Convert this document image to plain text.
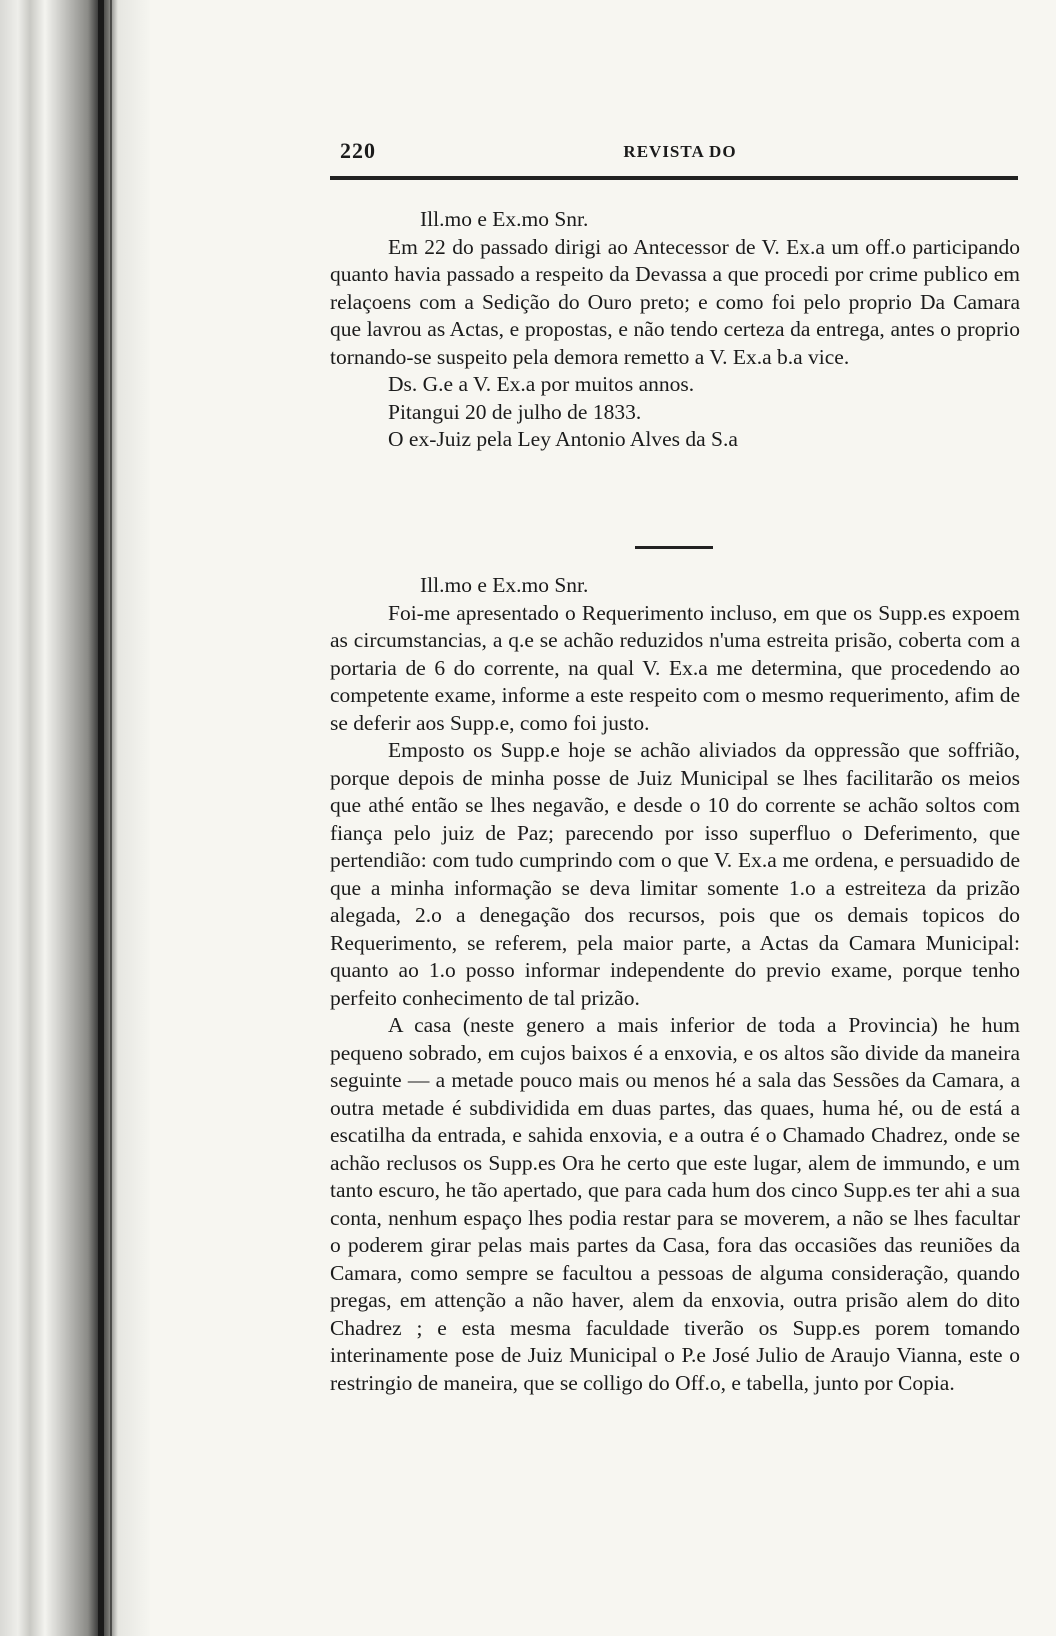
220	REVISTA DO

Ill.mo e Ex.mo Snr.

Em 22 do passado dirigi ao Antecessor de V. Ex.a um off.o participando quanto havia passado a respeito da Devassa a que procedi por crime publico em relaçoens com a Sedição do Ouro preto; e como foi pelo proprio Da Camara que lavrou as Actas, e propostas, e não tendo certeza da entrega, antes o proprio tornando-se suspeito pela demora remetto a V. Ex.a b.a vice.

Ds. G.e a V. Ex.a por muitos annos.

Pitangui 20 de julho de 1833.

O ex-Juiz pela Ley Antonio Alves da S.a

Ill.mo e Ex.mo Snr.

Foi-me apresentado o Requerimento incluso, em que os Supp.es expoem as circumstancias, a q.e se achão reduzidos n'uma estreita prisão, coberta com a portaria de 6 do corrente, na qual V. Ex.a me determina, que procedendo ao competente exame, informe a este respeito com o mesmo requerimento, afim de se deferir aos Supp.e, como foi justo.

Emposto os Supp.e hoje se achão aliviados da oppressão que soffrião, porque depois de minha posse de Juiz Municipal se lhes facilitarão os meios que athé então se lhes negavão, e desde o 10 do corrente se achão soltos com fiança pelo juiz de Paz; parecendo por isso superfluo o Deferimento, que pertendião: com tudo cumprindo com o que V. Ex.a me ordena, e persuadido de que a minha informação se deva limitar somente 1.o a estreiteza da prizão alegada, 2.o a denegação dos recursos, pois que os demais topicos do Requerimento, se referem, pela maior parte, a Actas da Camara Municipal: quanto ao 1.o posso informar independente do previo exame, porque tenho perfeito conhecimento de tal prizão.

A casa (neste genero a mais inferior de toda a Provincia) he hum pequeno sobrado, em cujos baixos é a enxovia, e os altos são divide da maneira seguinte — a metade pouco mais ou menos hé a sala das Sessões da Camara, a outra metade é subdividida em duas partes, das quaes, huma hé, ou de está a escatilha da entrada, e sahida enxovia, e a outra é o Chamado Chadrez, onde se achão reclusos os Supp.es Ora he certo que este lugar, alem de immundo, e um tanto escuro, he tão apertado, que para cada hum dos cinco Supp.es ter ahi a sua conta, nenhum espaço lhes podia restar para se moverem, a não se lhes facultar o poderem girar pelas mais partes da Casa, fora das occasiões das reuniões da Camara, como sempre se facultou a pessoas de alguma consideração, quando pregas, em attenção a não haver, alem da enxovia, outra prisão alem do dito Chadrez ; e esta mesma faculdade tiverão os Supp.es porem tomando interinamente pose de Juiz Municipal o P.e José Julio de Araujo Vianna, este o restringio de maneira, que se colligo do Off.o, e tabella, junto por Copia.
